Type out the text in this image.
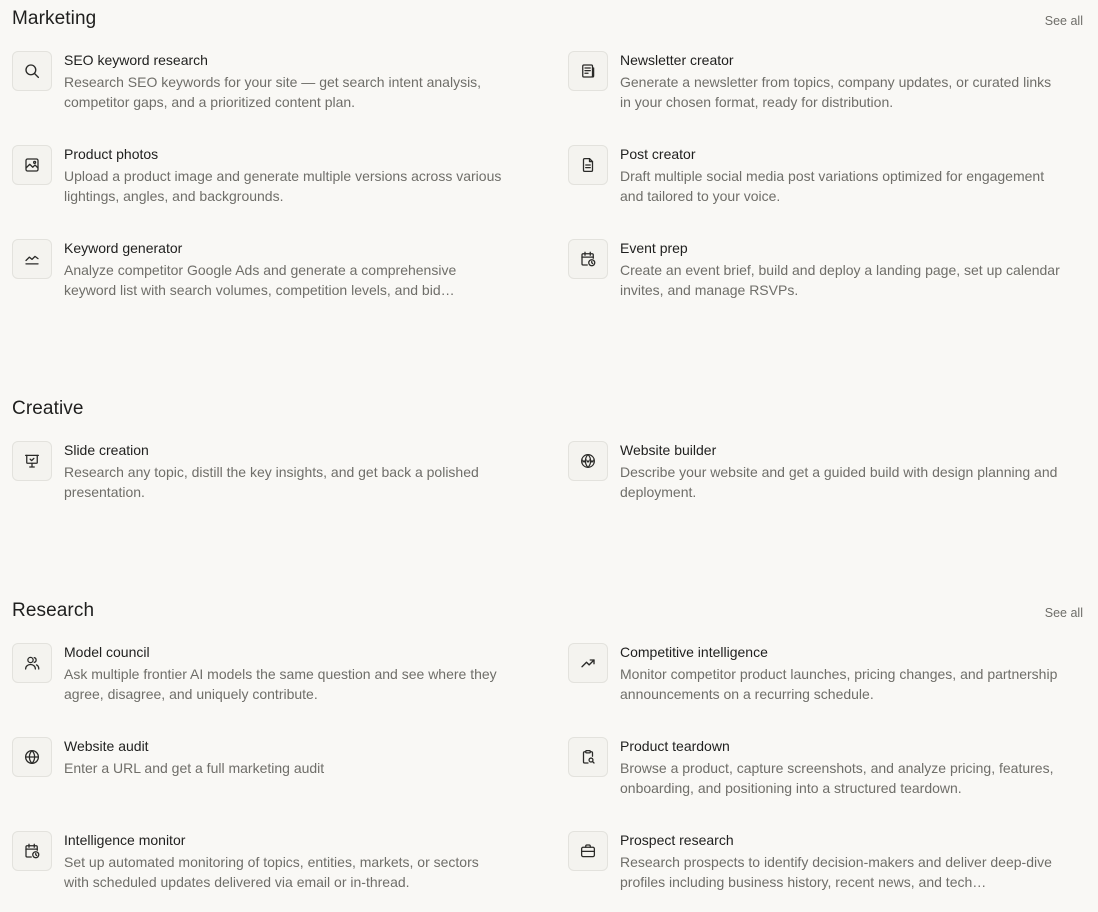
Marketing	See all
SEO keyword research
Research SEO keywords for your site — get search intent analysis, competitor gaps, and a prioritized content plan.
Newsletter creator
Generate a newsletter from topics, company updates, or curated links in your chosen format, ready for distribution.
Product photos
Upload a product image and generate multiple versions across various lightings, angles, and backgrounds.
Post creator
Draft multiple social media post variations optimized for engagement and tailored to your voice.
Keyword generator
Analyze competitor Google Ads and generate a comprehensive keyword list with search volumes, competition levels, and bid…
Event prep
Create an event brief, build and deploy a landing page, set up calendar invites, and manage RSVPs.
Creative
Slide creation
Research any topic, distill the key insights, and get back a polished presentation.
Website builder
Describe your website and get a guided build with design planning and deployment.
Research	See all
Model council
Ask multiple frontier AI models the same question and see where they agree, disagree, and uniquely contribute.
Competitive intelligence
Monitor competitor product launches, pricing changes, and partnership announcements on a recurring schedule.
Website audit
Enter a URL and get a full marketing audit
Product teardown
Browse a product, capture screenshots, and analyze pricing, features, onboarding, and positioning into a structured teardown.
Intelligence monitor
Set up automated monitoring of topics, entities, markets, or sectors with scheduled updates delivered via email or in-thread.
Prospect research
Research prospects to identify decision-makers and deliver deep-dive profiles including business history, recent news, and tech…
